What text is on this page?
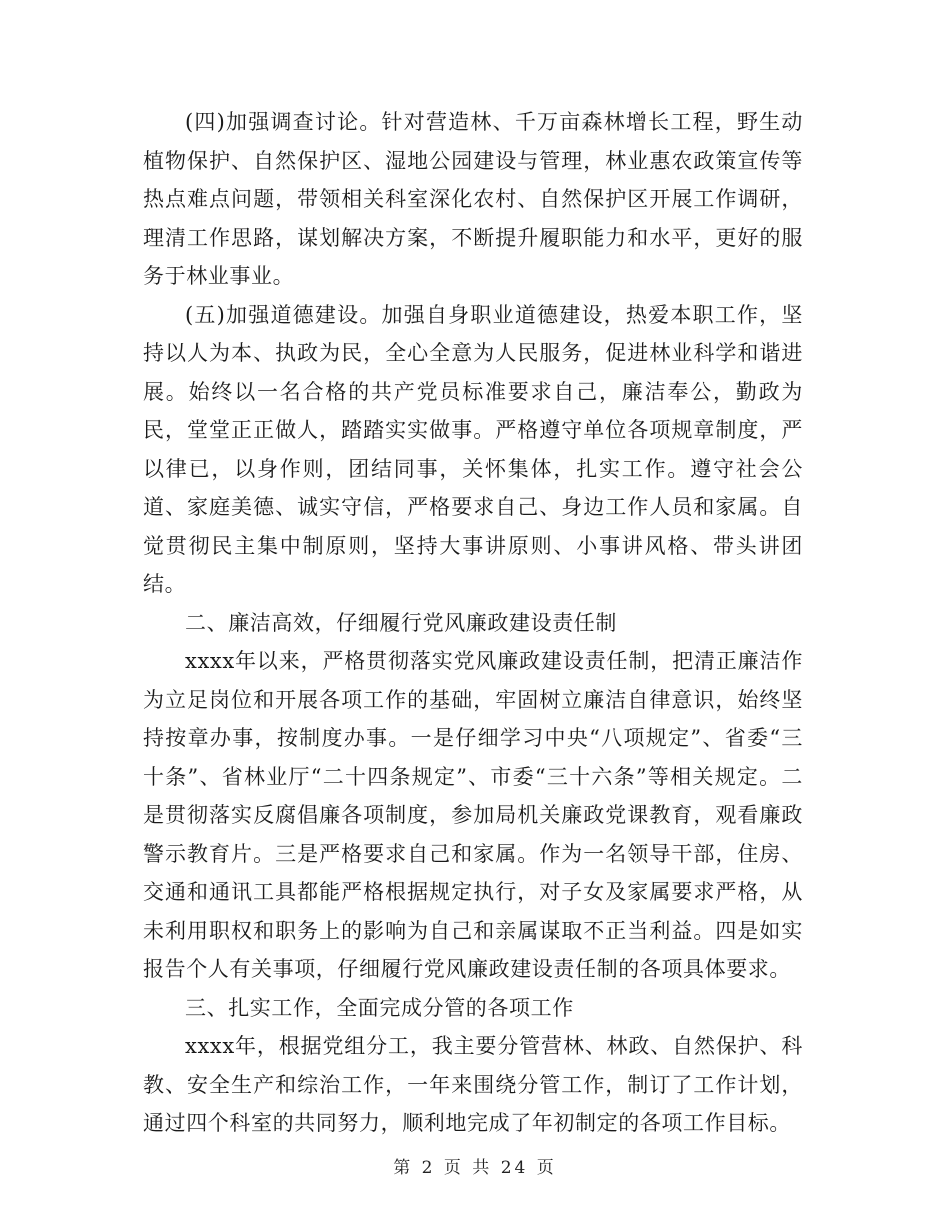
(四)加强调查讨论。针对营造林、千万亩森林增长工程，野生动植物保护、自然保护区、湿地公园建设与管理，林业惠农政策宣传等热点难点问题，带领相关科室深化农村、自然保护区开展工作调研，理清工作思路，谋划解决方案，不断提升履职能力和水平，更好的服务于林业事业。

(五)加强道德建设。加强自身职业道德建设，热爱本职工作，坚持以人为本、执政为民，全心全意为人民服务，促进林业科学和谐进展。始终以一名合格的共产党员标准要求自己，廉洁奉公，勤政为民，堂堂正正做人，踏踏实实做事。严格遵守单位各项规章制度，严以律已，以身作则，团结同事，关怀集体，扎实工作。遵守社会公道、家庭美德、诚实守信，严格要求自己、身边工作人员和家属。自觉贯彻民主集中制原则，坚持大事讲原则、小事讲风格、带头讲团结。

二、廉洁高效，仔细履行党风廉政建设责任制

xxxx年以来，严格贯彻落实党风廉政建设责任制，把清正廉洁作为立足岗位和开展各项工作的基础，牢固树立廉洁自律意识，始终坚持按章办事，按制度办事。一是仔细学习中央“八项规定”、省委“三十条”、省林业厅“二十四条规定”、市委“三十六条”等相关规定。二是贯彻落实反腐倡廉各项制度，参加局机关廉政党课教育，观看廉政警示教育片。三是严格要求自己和家属。作为一名领导干部，住房、交通和通讯工具都能严格根据规定执行，对子女及家属要求严格，从未利用职权和职务上的影响为自己和亲属谋取不正当利益。四是如实报告个人有关事项，仔细履行党风廉政建设责任制的各项具体要求。

三、扎实工作，全面完成分管的各项工作

xxxx年，根据党组分工，我主要分管营林、林政、自然保护、科教、安全生产和综治工作，一年来围绕分管工作，制订了工作计划，通过四个科室的共同努力，顺利地完成了年初制定的各项工作目标。

第 2 页 共 24 页
